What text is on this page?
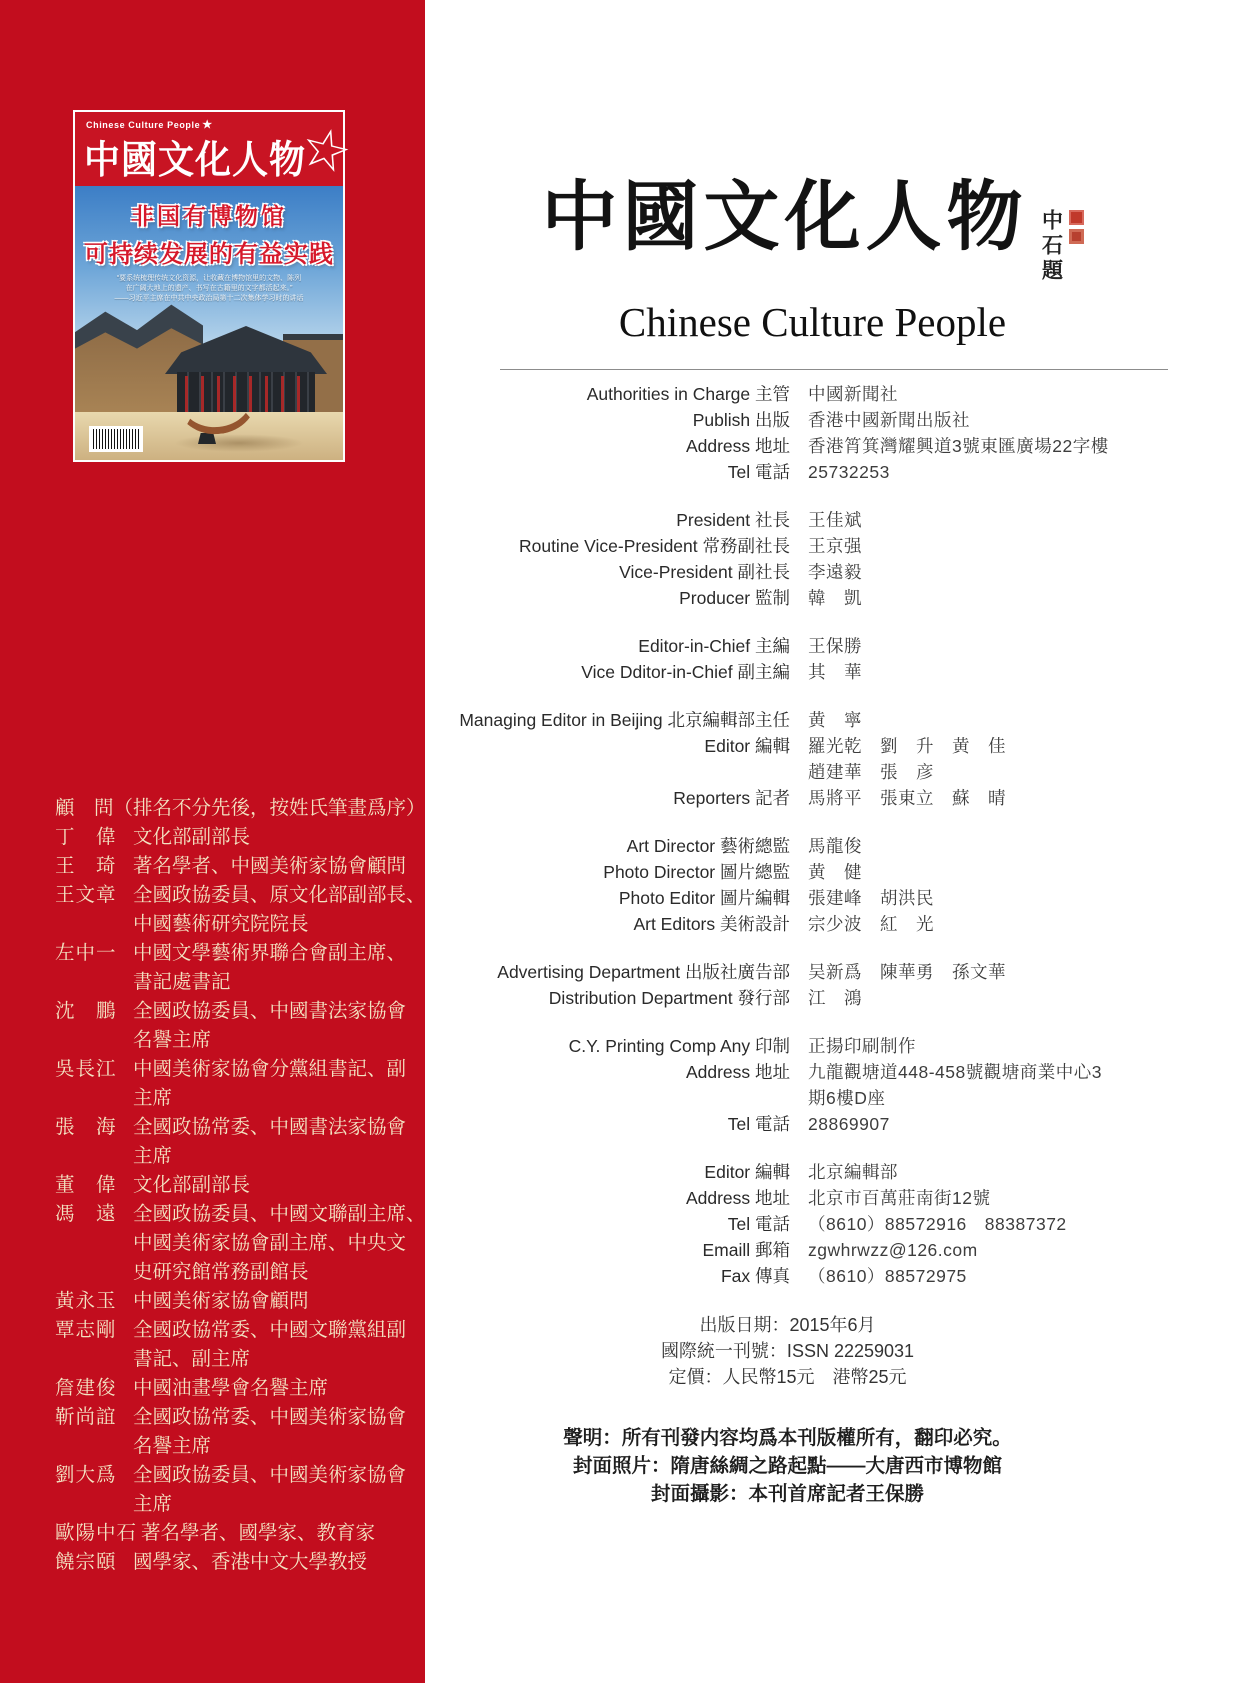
Chinese Culture People ★
中國文化人物
☆
非国有博物馆
可持续发展的有益实践
“要系统梳理传统文化资源，让收藏在博物馆里的文物、陈列
在广阔大地上的遗产、书写在古籍里的文字都活起来。”
——习近平主席在中共中央政治局第十二次集体学习时的讲话
顧　問（排名不分先後，按姓氏筆畫爲序）
丁　偉 文化部副部長
王　琦 著名學者、中國美術家協會顧問
王文章 全國政協委員、原文化部副部長、
中國藝術研究院院長
左中一 中國文學藝術界聯合會副主席、
書記處書記
沈　鵬 全國政協委員、中國書法家協會
名譽主席
吳長江 中國美術家協會分黨組書記、副
主席
張　海 全國政協常委、中國書法家協會
主席
董　偉 文化部副部長
馮　遠 全國政協委員、中國文聯副主席、
中國美術家協會副主席、中央文
史研究館常務副館長
黃永玉 中國美術家協會顧問
覃志剛 全國政協常委、中國文聯黨組副
書記、副主席
詹建俊 中國油畫學會名譽主席
靳尚誼 全國政協常委、中國美術家協會
名譽主席
劉大爲 全國政協委員、中國美術家協會
主席
歐陽中石 著名學者、國學家、教育家
饒宗頤 國學家、香港中文大學教授
中國文化人物 中石題
Chinese Culture People
Authorities in Charge 主管 中國新聞社
Publish 出版 香港中國新聞出版社
Address 地址 香港筲箕灣耀興道3號東匯廣場22字樓
Tel 電話 25732253
President 社長 王佳斌
Routine Vice-President 常務副社長 王京强
Vice-President 副社長 李遠毅
Producer 監制 韓　凱
Editor-in-Chief 主編 王保勝
Vice Dditor-in-Chief 副主編 其　華
Managing Editor in Beijing 北京編輯部主任 黄　寧
Editor 編輯 羅光乾　劉　升　黄　佳
趙建華　張　彦
Reporters 記者 馬將平　張東立　蘇　晴
Art Director 藝術總監 馬龍俊
Photo Director 圖片總監 黄　健
Photo Editor 圖片編輯 張建峰　胡洪民
Art Editors 美術設計 宗少波　紅　光
Advertising Department 出版社廣告部 吴新爲　陳華勇　孫文華
Distribution Department 發行部 江　鴻
C.Y. Printing Comp Any 印制 正揚印刷制作
Address 地址 九龍觀塘道448-458號觀塘商業中心3
期6樓D座
Tel 電話 28869907
Editor 編輯 北京編輯部
Address 地址 北京市百萬莊南街12號
Tel 電話 （8610）88572916　88387372
Emaill 郵箱 zgwhrwzz@126.com
Fax 傳真 （8610）88572975
出版日期：2015年6月
國際統一刊號：ISSN 22259031
定價：人民幣15元　港幣25元
聲明：所有刊發内容均爲本刊版權所有，翻印必究。
封面照片：隋唐絲綢之路起點——大唐西市博物館
封面攝影：本刊首席記者王保勝
